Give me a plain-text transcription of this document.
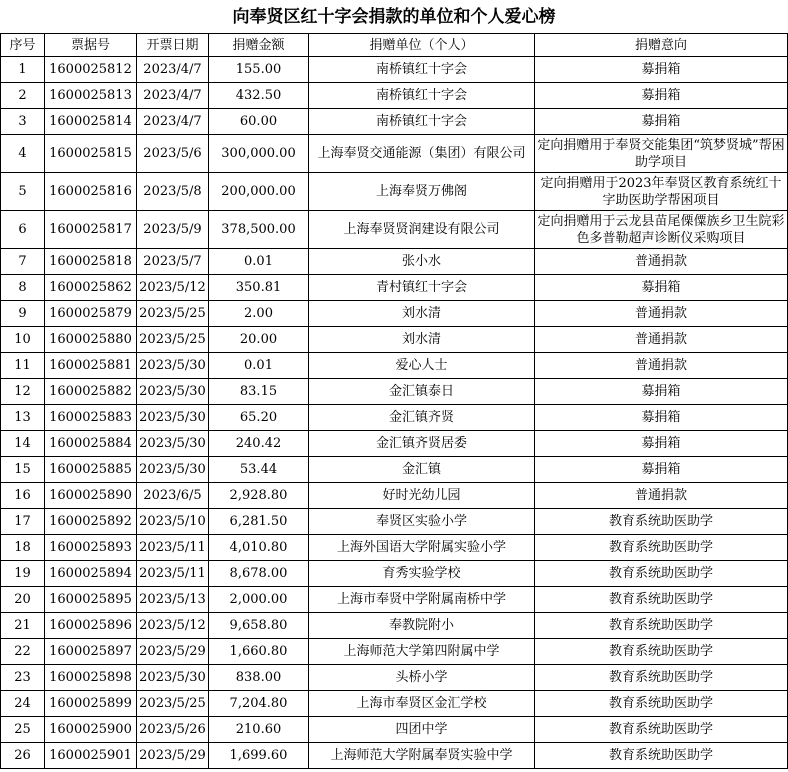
向奉贤区红十字会捐款的单位和个人爱心榜
序号	票据号	开票日期	捐赠金额	捐赠单位（个人）	捐赠意向
1	1600025812	2023/4/7	155.00	南桥镇红十字会	募捐箱
2	1600025813	2023/4/7	432.50	南桥镇红十字会	募捐箱
3	1600025814	2023/4/7	60.00	南桥镇红十字会	募捐箱
4	1600025815	2023/5/6	300,000.00	上海奉贤交通能源（集团）有限公司	定向捐赠用于奉贤交能集团“筑梦贤城”帮困助学项目
5	1600025816	2023/5/8	200,000.00	上海奉贤万佛阁	定向捐赠用于2023年奉贤区教育系统红十字助医助学帮困项目
6	1600025817	2023/5/9	378,500.00	上海奉贤贤润建设有限公司	定向捐赠用于云龙县苗尾傈僳族乡卫生院彩色多普勒超声诊断仪采购项目
7	1600025818	2023/5/7	0.01	张小水	普通捐款
8	1600025862	2023/5/12	350.81	青村镇红十字会	募捐箱
9	1600025879	2023/5/25	2.00	刘水清	普通捐款
10	1600025880	2023/5/25	20.00	刘水清	普通捐款
11	1600025881	2023/5/30	0.01	爱心人士	普通捐款
12	1600025882	2023/5/30	83.15	金汇镇泰日	募捐箱
13	1600025883	2023/5/30	65.20	金汇镇齐贤	募捐箱
14	1600025884	2023/5/30	240.42	金汇镇齐贤居委	募捐箱
15	1600025885	2023/5/30	53.44	金汇镇	募捐箱
16	1600025890	2023/6/5	2,928.80	好时光幼儿园	普通捐款
17	1600025892	2023/5/10	6,281.50	奉贤区实验小学	教育系统助医助学
18	1600025893	2023/5/11	4,010.80	上海外国语大学附属实验小学	教育系统助医助学
19	1600025894	2023/5/11	8,678.00	育秀实验学校	教育系统助医助学
20	1600025895	2023/5/13	2,000.00	上海市奉贤中学附属南桥中学	教育系统助医助学
21	1600025896	2023/5/12	9,658.80	奉教院附小	教育系统助医助学
22	1600025897	2023/5/29	1,660.80	上海师范大学第四附属中学	教育系统助医助学
23	1600025898	2023/5/30	838.00	头桥小学	教育系统助医助学
24	1600025899	2023/5/25	7,204.80	上海市奉贤区金汇学校	教育系统助医助学
25	1600025900	2023/5/26	210.60	四团中学	教育系统助医助学
26	1600025901	2023/5/29	1,699.60	上海师范大学附属奉贤实验中学	教育系统助医助学
